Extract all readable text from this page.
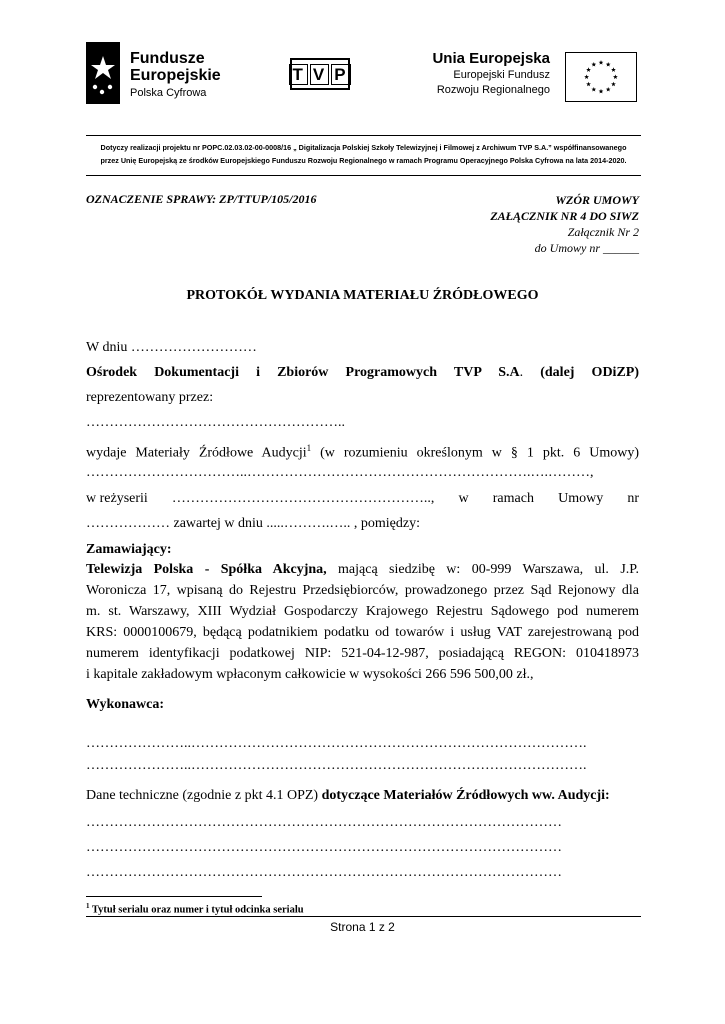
Fundusze
Europejskie
Polska Cyfrowa
T V P
Unia Europejska
Europejski Fundusz
Rozwoju Regionalnego
Dotyczy realizacji projektu nr POPC.02.03.02-00-0008/16 „ Digitalizacja Polskiej Szkoły Telewizyjnej i Filmowej z Archiwum TVP S.A.” współfinansowanego
przez Unię Europejską ze środków Europejskiego Funduszu Rozwoju Regionalnego w ramach Programu Operacyjnego Polska Cyfrowa na lata 2014-2020.
OZNACZENIE SPRAWY: ZP/TTUP/105/2016	WZÓR UMOWY
ZAŁĄCZNIK NR 4 DO SIWZ
Załącznik Nr 2
do Umowy nr ______
PROTOKÓŁ WYDANIA MATERIAŁU ŹRÓDŁOWEGO
W dniu ………………………
Ośrodek Dokumentacji i Zbiorów Programowych TVP S.A. (dalej ODiZP)
reprezentowany przez:
………………………………………………..
wydaje Materiały Źródłowe Audycji$^1$ (w rozumieniu określonym w § 1 pkt. 6 Umowy)
……………………………..…………………………………………………….….………,
w reżyserii ……………………………………………….., w ramach Umowy nr
……………… zawartej w dniu .....……….….. , pomiędzy:
Zamawiający:
Telewizja Polska - Spółka Akcyjna, mającą siedzibę w: 00-999 Warszawa, ul. J.P.
Woronicza 17, wpisaną do Rejestru Przedsiębiorców, prowadzonego przez Sąd Rejonowy dla
m. st. Warszawy, XIII Wydział Gospodarczy Krajowego Rejestru Sądowego pod numerem
KRS: 0000100679, będącą podatnikiem podatku od towarów i usług VAT zarejestrowaną pod
numerem identyfikacji podatkowej NIP: 521-04-12-987, posiadającą REGON: 010418973
i kapitale zakładowym wpłaconym całkowicie w wysokości 266 596 500,00 zł.,
Wykonawca:
…………………..………………………………………………………………………….
…………………..………………………………………………………………………….
Dane techniczne (zgodnie z pkt 4.1 OPZ) dotyczące Materiałów Źródłowych ww. Audycji:
…………………………………………………………………………………………
…………………………………………………………………………………………
…………………………………………………………………………………………
$^1$ Tytuł serialu oraz numer i tytuł odcinka serialu
Strona 1 z 2
